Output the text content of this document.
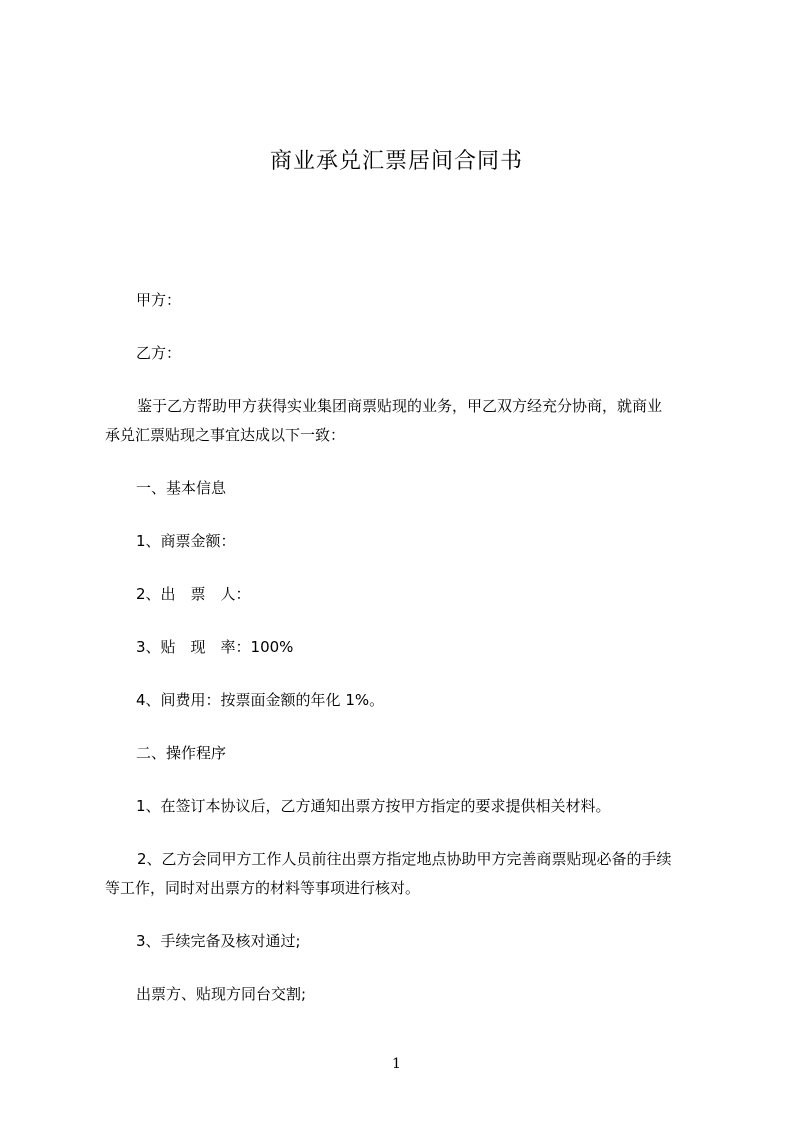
商业承兑汇票居间合同书
甲方：
乙方：
鉴于乙方帮助甲方获得实业集团商票贴现的业务，甲乙双方经充分协商，就商业
承兑汇票贴现之事宜达成以下一致：
一、基本信息
1、商票金额：
2、出　票　人：
3、贴　现　率：100%
4、间费用：按票面金额的年化 1%。
二、操作程序
1、在签订本协议后，乙方通知出票方按甲方指定的要求提供相关材料。
2、乙方会同甲方工作人员前往出票方指定地点协助甲方完善商票贴现必备的手续
等工作，同时对出票方的材料等事项进行核对。
3、手续完备及核对通过;
出票方、贴现方同台交割;
1
